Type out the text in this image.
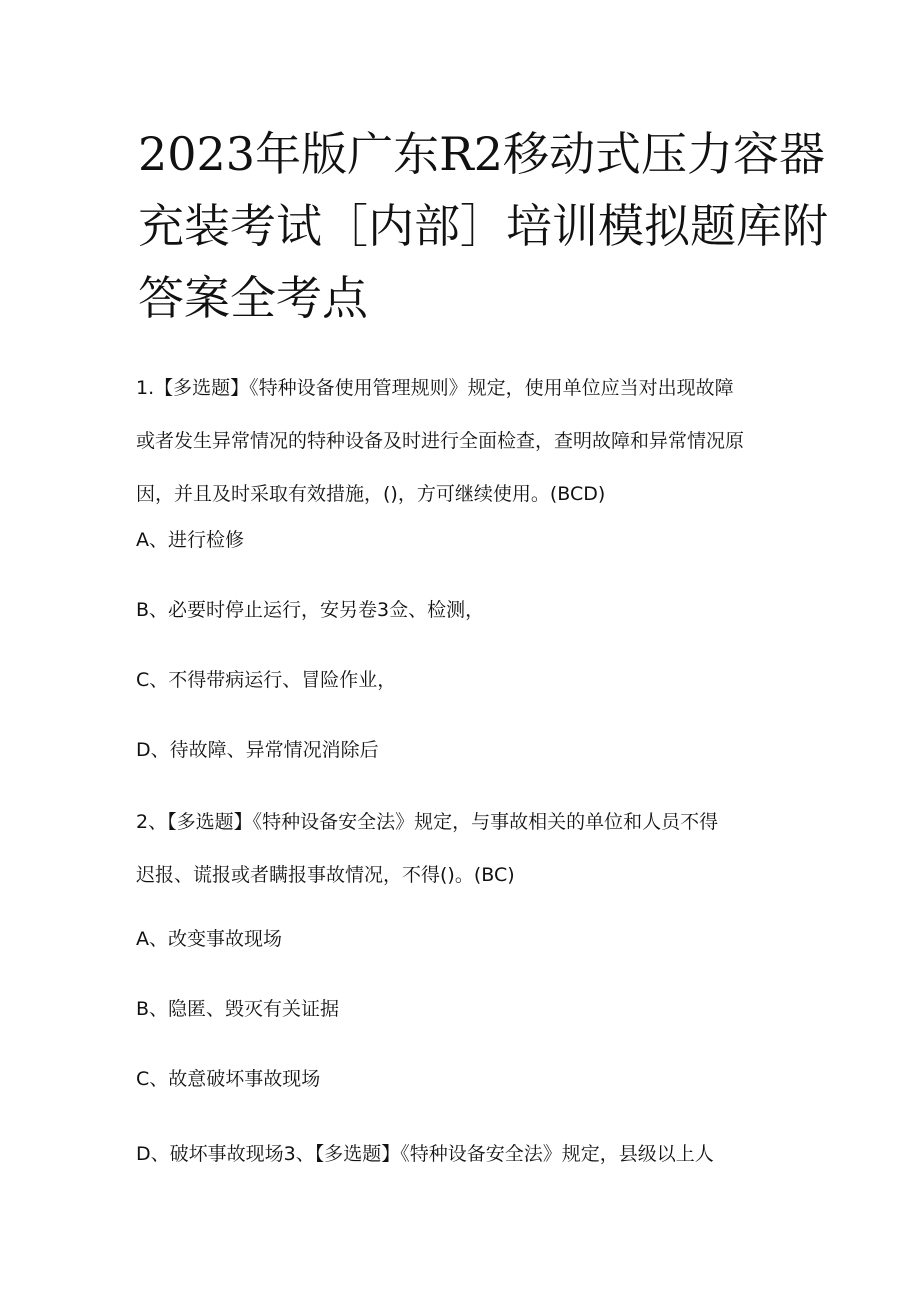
2023年版广东R2移动式压力容器
充装考试［内部］培训模拟题库附
答案全考点

1.【多选题】《特种设备使用管理规则》规定，使用单位应当对出现故障
或者发生异常情况的特种设备及时进行全面检查，查明故障和异常情况原
因，并且及时采取有效措施，()，方可继续使用。(BCD)

A、进行检修

B、必要时停止运行，安另卷3佥、检测，

C、不得带病运行、冒险作业，

D、待故障、异常情况消除后

2、【多选题】《特种设备安全法》规定，与事故相关的单位和人员不得
迟报、谎报或者瞒报事故情况，不得()。(BC)

A、改变事故现场

B、隐匿、毁灭有关证据

C、故意破坏事故现场

D、破坏事故现场3、【多选题】《特种设备安全法》规定，县级以上人
